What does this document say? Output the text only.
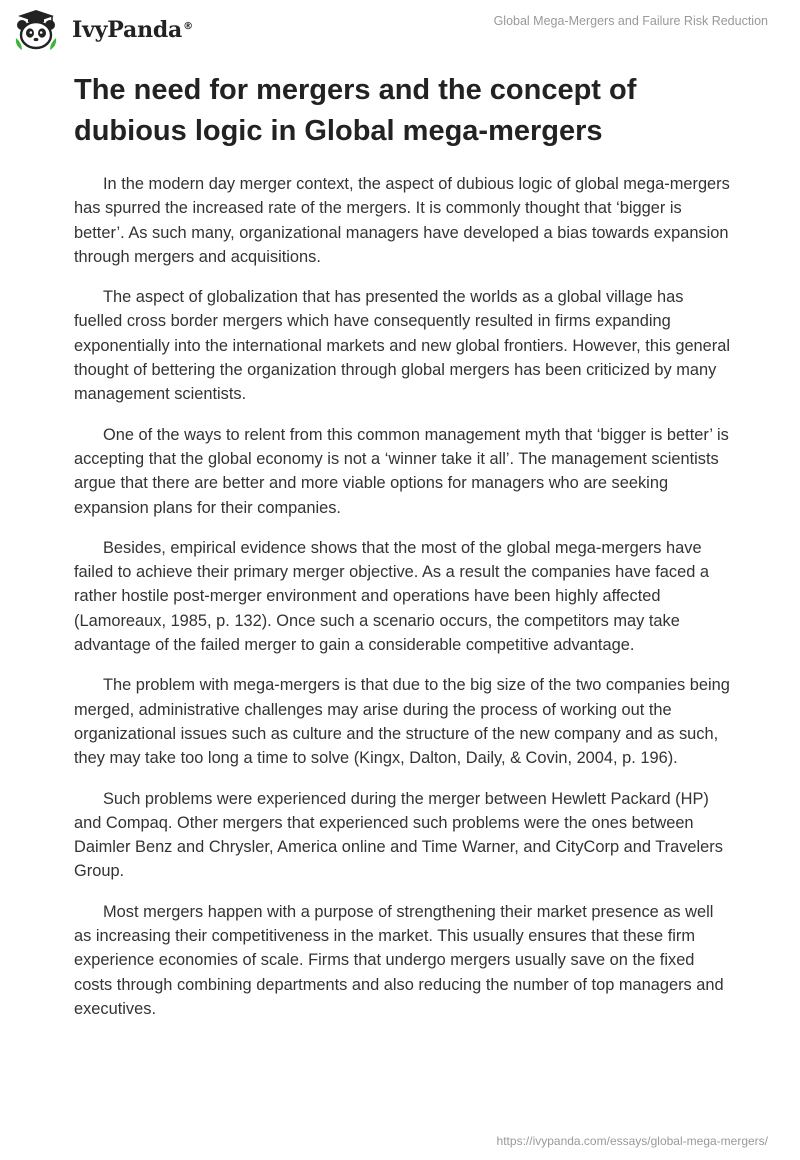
IvyPanda®	Global Mega-Mergers and Failure Risk Reduction
The need for mergers and the concept of dubious logic in Global mega-mergers

In the modern day merger context, the aspect of dubious logic of global mega-mergers has spurred the increased rate of the mergers. It is commonly thought that ‘bigger is better’. As such many, organizational managers have developed a bias towards expansion through mergers and acquisitions.

The aspect of globalization that has presented the worlds as a global village has fuelled cross border mergers which have consequently resulted in firms expanding exponentially into the international markets and new global frontiers. However, this general thought of bettering the organization through global mergers has been criticized by many management scientists.

One of the ways to relent from this common management myth that ‘bigger is better’ is accepting that the global economy is not a ‘winner take it all’. The management scientists argue that there are better and more viable options for managers who are seeking expansion plans for their companies.

Besides, empirical evidence shows that the most of the global mega-mergers have failed to achieve their primary merger objective. As a result the companies have faced a rather hostile post-merger environment and operations have been highly affected (Lamoreaux, 1985, p. 132). Once such a scenario occurs, the competitors may take advantage of the failed merger to gain a considerable competitive advantage.

The problem with mega-mergers is that due to the big size of the two companies being merged, administrative challenges may arise during the process of working out the organizational issues such as culture and the structure of the new company and as such, they may take too long a time to solve (Kingx, Dalton, Daily, & Covin, 2004, p. 196).

Such problems were experienced during the merger between Hewlett Packard (HP) and Compaq. Other mergers that experienced such problems were the ones between Daimler Benz and Chrysler, America online and Time Warner, and CityCorp and Travelers Group.

Most mergers happen with a purpose of strengthening their market presence as well as increasing their competitiveness in the market. This usually ensures that these firm experience economies of scale. Firms that undergo mergers usually save on the fixed costs through combining departments and also reducing the number of top managers and executives.

https://ivypanda.com/essays/global-mega-mergers/
